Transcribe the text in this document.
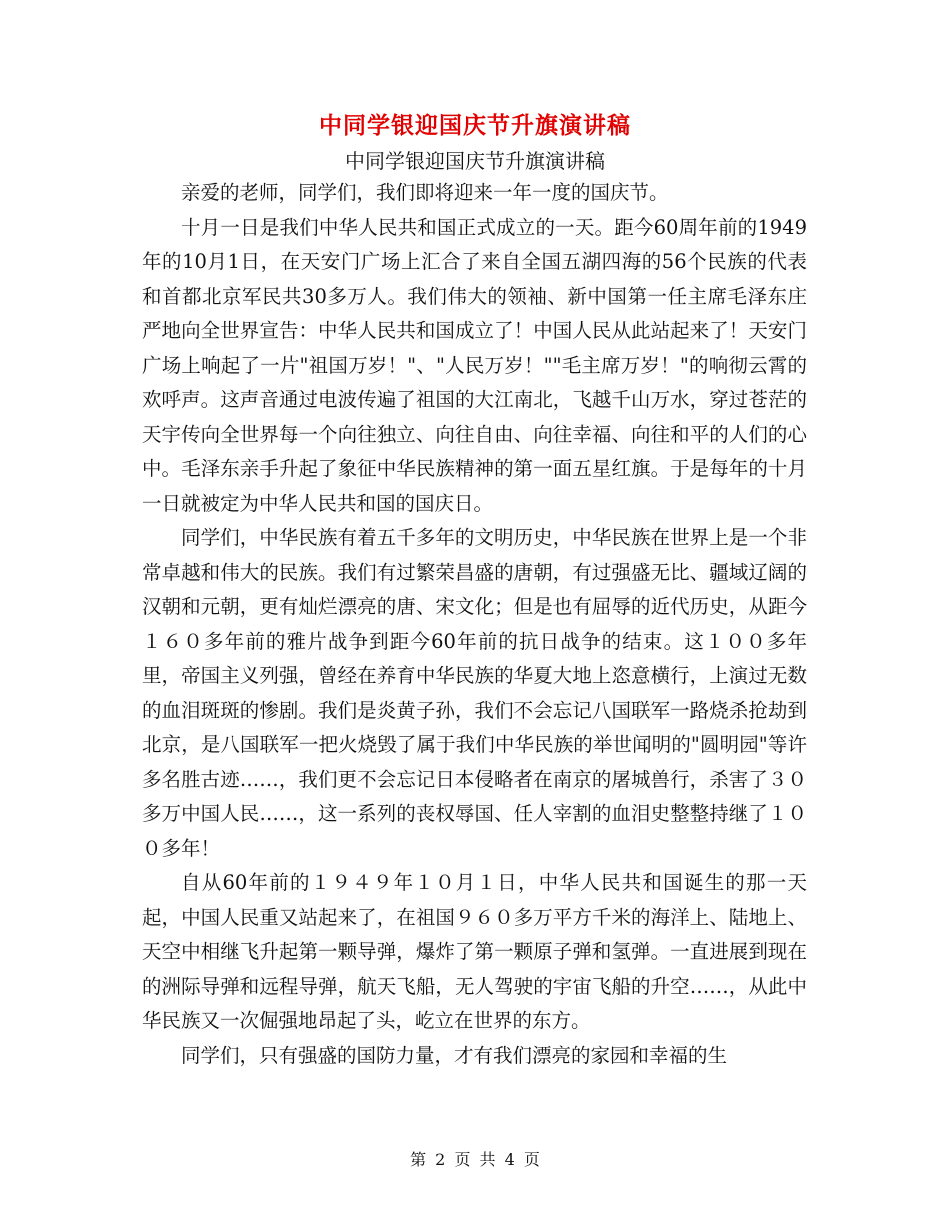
中同学银迎国庆节升旗演讲稿
中同学银迎国庆节升旗演讲稿

亲爱的老师，同学们，我们即将迎来一年一度的国庆节。

十月一日是我们中华人民共和国正式成立的一天。距今60周年前的1949年的10月1日，在天安门广场上汇合了来自全国五湖四海的56个民族的代表和首都北京军民共30多万人。我们伟大的领袖、新中国第一任主席毛泽东庄严地向全世界宣告：中华人民共和国成立了！中国人民从此站起来了！天安门广场上响起了一片"祖国万岁！"、"人民万岁！""毛主席万岁！"的响彻云霄的欢呼声。这声音通过电波传遍了祖国的大江南北，飞越千山万水，穿过苍茫的天宇传向全世界每一个向往独立、向往自由、向往幸福、向往和平的人们的心中。毛泽东亲手升起了象征中华民族精神的第一面五星红旗。于是每年的十月一日就被定为中华人民共和国的国庆日。

同学们，中华民族有着五千多年的文明历史，中华民族在世界上是一个非常卓越和伟大的民族。我们有过繁荣昌盛的唐朝，有过强盛无比、疆域辽阔的汉朝和元朝，更有灿烂漂亮的唐、宋文化；但是也有屈辱的近代历史，从距今１６０多年前的雅片战争到距今60年前的抗日战争的结束。这１００多年里，帝国主义列强，曾经在养育中华民族的华夏大地上恣意横行，上演过无数的血泪斑斑的惨剧。我们是炎黄子孙，我们不会忘记八国联军一路烧杀抢劫到北京，是八国联军一把火烧毁了属于我们中华民族的举世闻明的"圆明园"等许多名胜古迹……，我们更不会忘记日本侵略者在南京的屠城兽行，杀害了３０多万中国人民……，这一系列的丧权辱国、任人宰割的血泪史整整持继了１００多年！

自从60年前的１９４９年１０月１日，中华人民共和国诞生的那一天起，中国人民重又站起来了，在祖国９６０多万平方千米的海洋上、陆地上、天空中相继飞升起第一颗导弹，爆炸了第一颗原子弹和氢弹。一直进展到现在的洲际导弹和远程导弹，航天飞船，无人驾驶的宇宙飞船的升空……，从此中华民族又一次倔强地昂起了头，屹立在世界的东方。

同学们，只有强盛的国防力量，才有我们漂亮的家园和幸福的生

第 2 页 共 4 页
